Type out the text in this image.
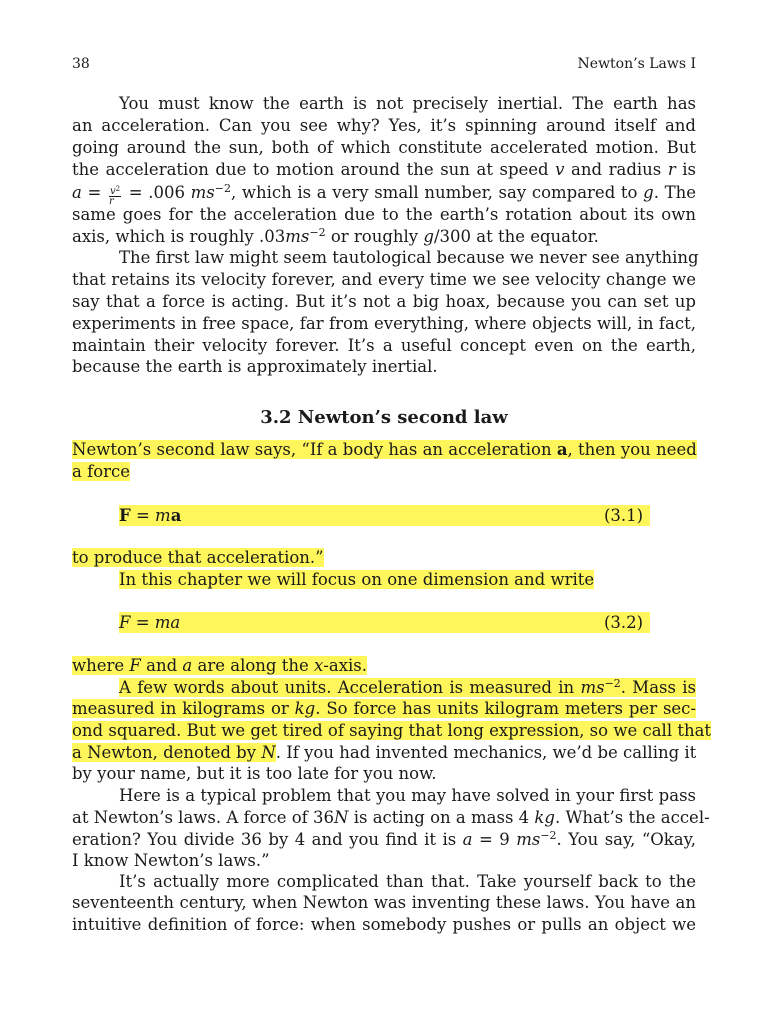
38	Newton’s Laws I
You must know the earth is not precisely inertial. The earth has
an acceleration. Can you see why? Yes, it’s spinning around itself and
going around the sun, both of which constitute accelerated motion. But
the acceleration due to motion around the sun at speed v and radius r is
$a = \frac{v^2}{r} = .006$ $ms^{-2}$, which is a very small number, say compared to g. The
same goes for the acceleration due to the earth’s rotation about its own
axis, which is roughly $.03ms^{-2}$ or roughly g/300 at the equator.
The first law might seem tautological because we never see anything
that retains its velocity forever, and every time we see velocity change we
say that a force is acting. But it’s not a big hoax, because you can set up
experiments in free space, far from everything, where objects will, in fact,
maintain their velocity forever. It’s a useful concept even on the earth,
because the earth is approximately inertial.
3.2 Newton’s second law
Newton’s second law says, “If a body has an acceleration a, then you need
a force
F = ma	(3.1)
to produce that acceleration.”
In this chapter we will focus on one dimension and write
F = ma	(3.2)
where F and a are along the x-axis.
A few words about units. Acceleration is measured in $ms^{-2}$. Mass is
measured in kilograms or kg. So force has units kilogram meters per sec-
ond squared. But we get tired of saying that long expression, so we call that
a Newton, denoted by N. If you had invented mechanics, we’d be calling it
by your name, but it is too late for you now.
Here is a typical problem that you may have solved in your first pass
at Newton’s laws. A force of 36N is acting on a mass 4 kg. What’s the accel-
eration? You divide 36 by 4 and you find it is a = 9 $ms^{-2}$. You say, “Okay,
I know Newton’s laws.”
It’s actually more complicated than that. Take yourself back to the
seventeenth century, when Newton was inventing these laws. You have an
intuitive definition of force: when somebody pushes or pulls an object we
